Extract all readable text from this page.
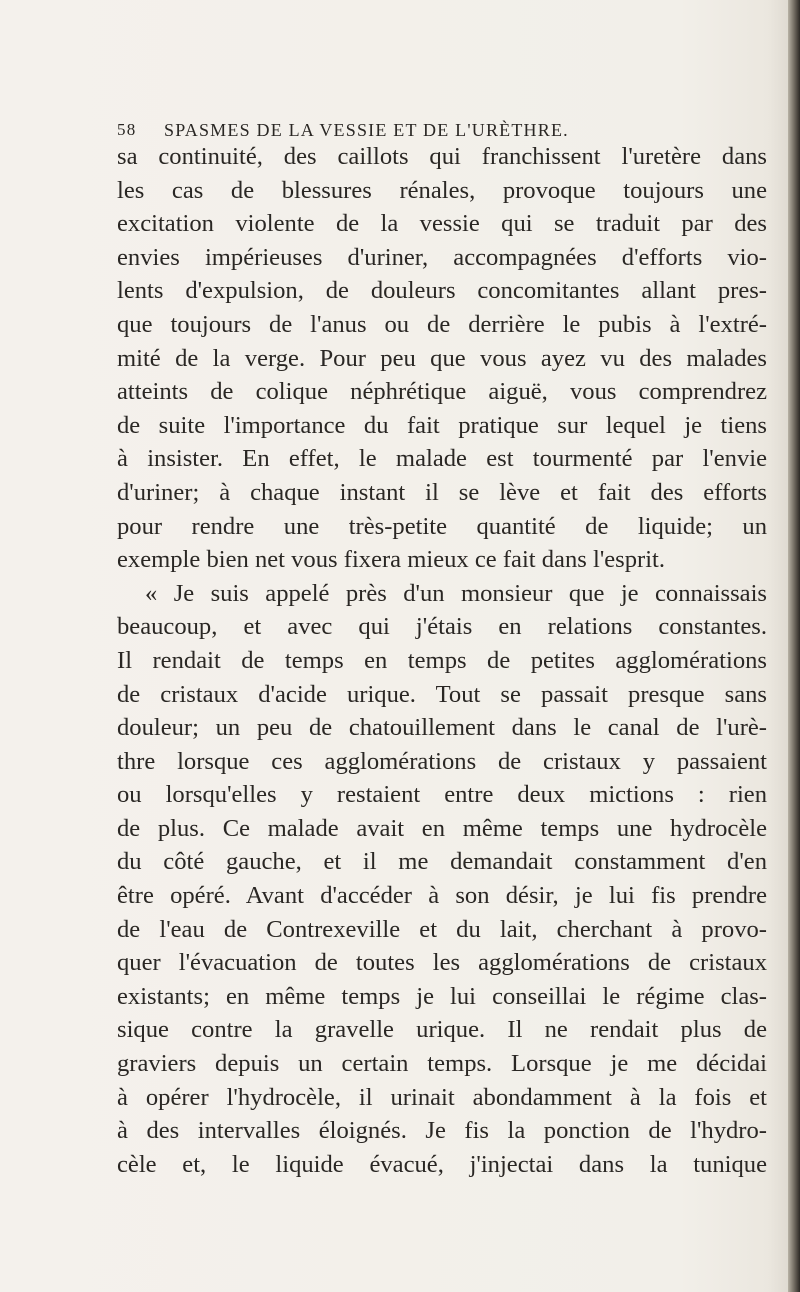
58 SPASMES DE LA VESSIE ET DE L'URÈTHRE.
sa continuité, des caillots qui franchissent l'uretère dans
les cas de blessures rénales, provoque toujours une
excitation violente de la vessie qui se traduit par des
envies impérieuses d'uriner, accompagnées d'efforts vio-
lents d'expulsion, de douleurs concomitantes allant pres-
que toujours de l'anus ou de derrière le pubis à l'extré-
mité de la verge. Pour peu que vous ayez vu des malades
atteints de colique néphrétique aiguë, vous comprendrez
de suite l'importance du fait pratique sur lequel je tiens
à insister. En effet, le malade est tourmenté par l'envie
d'uriner; à chaque instant il se lève et fait des efforts
pour rendre une très-petite quantité de liquide; un
exemple bien net vous fixera mieux ce fait dans l'esprit.
« Je suis appelé près d'un monsieur que je connaissais
beaucoup, et avec qui j'étais en relations constantes.
Il rendait de temps en temps de petites agglomérations
de cristaux d'acide urique. Tout se passait presque sans
douleur; un peu de chatouillement dans le canal de l'urè-
thre lorsque ces agglomérations de cristaux y passaient
ou lorsqu'elles y restaient entre deux mictions : rien
de plus. Ce malade avait en même temps une hydrocèle
du côté gauche, et il me demandait constamment d'en
être opéré. Avant d'accéder à son désir, je lui fis prendre
de l'eau de Contrexeville et du lait, cherchant à provo-
quer l'évacuation de toutes les agglomérations de cristaux
existants; en même temps je lui conseillai le régime clas-
sique contre la gravelle urique. Il ne rendait plus de
graviers depuis un certain temps. Lorsque je me décidai
à opérer l'hydrocèle, il urinait abondamment à la fois et
à des intervalles éloignés. Je fis la ponction de l'hydro-
cèle et, le liquide évacué, j'injectai dans la tunique
